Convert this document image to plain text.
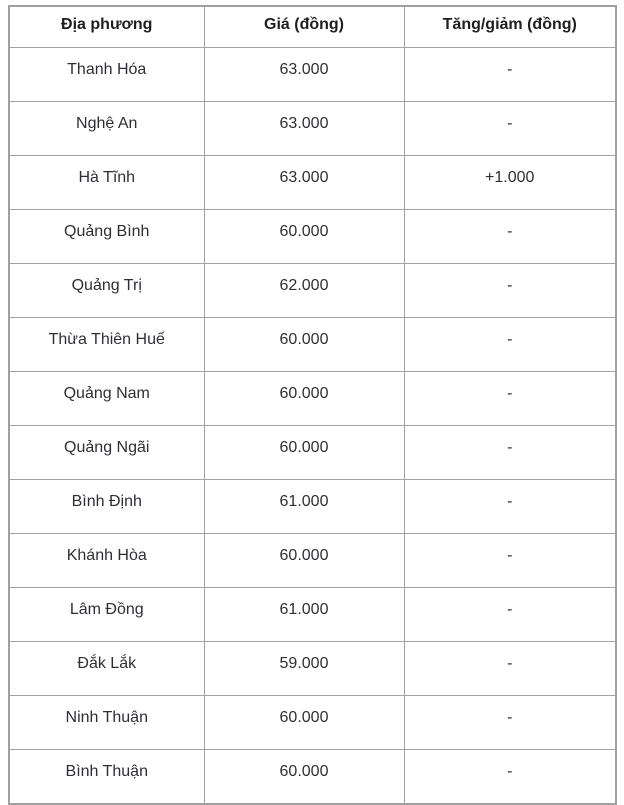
Địa phương	Giá (đồng)	Tăng/giảm (đồng)
Thanh Hóa	63.000	-
Nghệ An	63.000	-
Hà Tĩnh	63.000	+1.000
Quảng Bình	60.000	-
Quảng Trị	62.000	-
Thừa Thiên Huế	60.000	-
Quảng Nam	60.000	-
Quảng Ngãi	60.000	-
Bình Định	61.000	-
Khánh Hòa	60.000	-
Lâm Đồng	61.000	-
Đắk Lắk	59.000	-
Ninh Thuận	60.000	-
Bình Thuận	60.000	-
